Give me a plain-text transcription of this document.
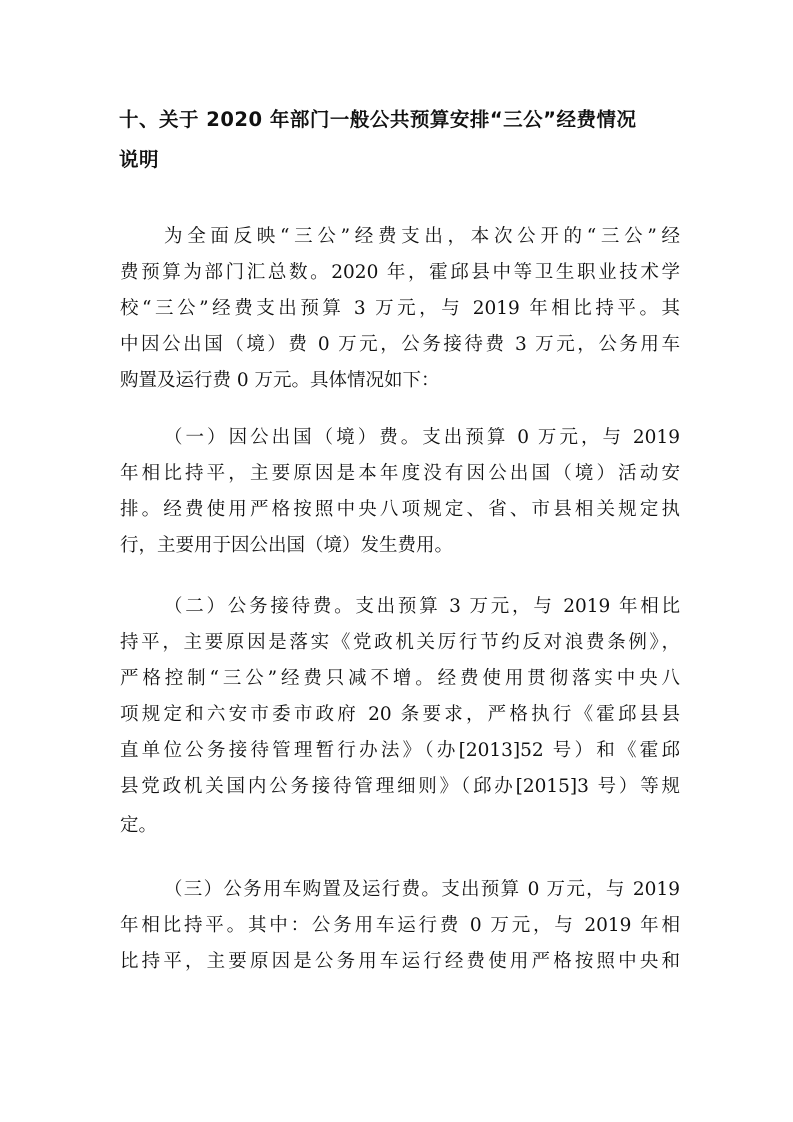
十、关于 2020 年部门一般公共预算安排“三公”经费情况
说明

为全面反映“三公”经费支出，本次公开的“三公”经

费预算为部门汇总数。2020 年，霍邱县中等卫生职业技术学

校“三公”经费支出预算 3 万元，与 2019 年相比持平。其

中因公出国（境）费 0 万元，公务接待费 3 万元，公务用车

购置及运行费 0 万元。具体情况如下：

（一）因公出国（境）费。支出预算 0 万元，与 2019

年相比持平，主要原因是本年度没有因公出国（境）活动安

排。经费使用严格按照中央八项规定、省、市县相关规定执

行，主要用于因公出国（境）发生费用。

（二）公务接待费。支出预算 3 万元，与 2019 年相比

持平，主要原因是落实《党政机关厉行节约反对浪费条例》，

严格控制“三公”经费只减不增。经费使用贯彻落实中央八

项规定和六安市委市政府 20 条要求，严格执行《霍邱县县

直单位公务接待管理暂行办法》（办[2013]52 号）和《霍邱

县党政机关国内公务接待管理细则》（邱办[2015]3 号）等规

定。

（三）公务用车购置及运行费。支出预算 0 万元，与 2019

年相比持平。其中：公务用车运行费 0 万元，与 2019 年相

比持平，主要原因是公务用车运行经费使用严格按照中央和
